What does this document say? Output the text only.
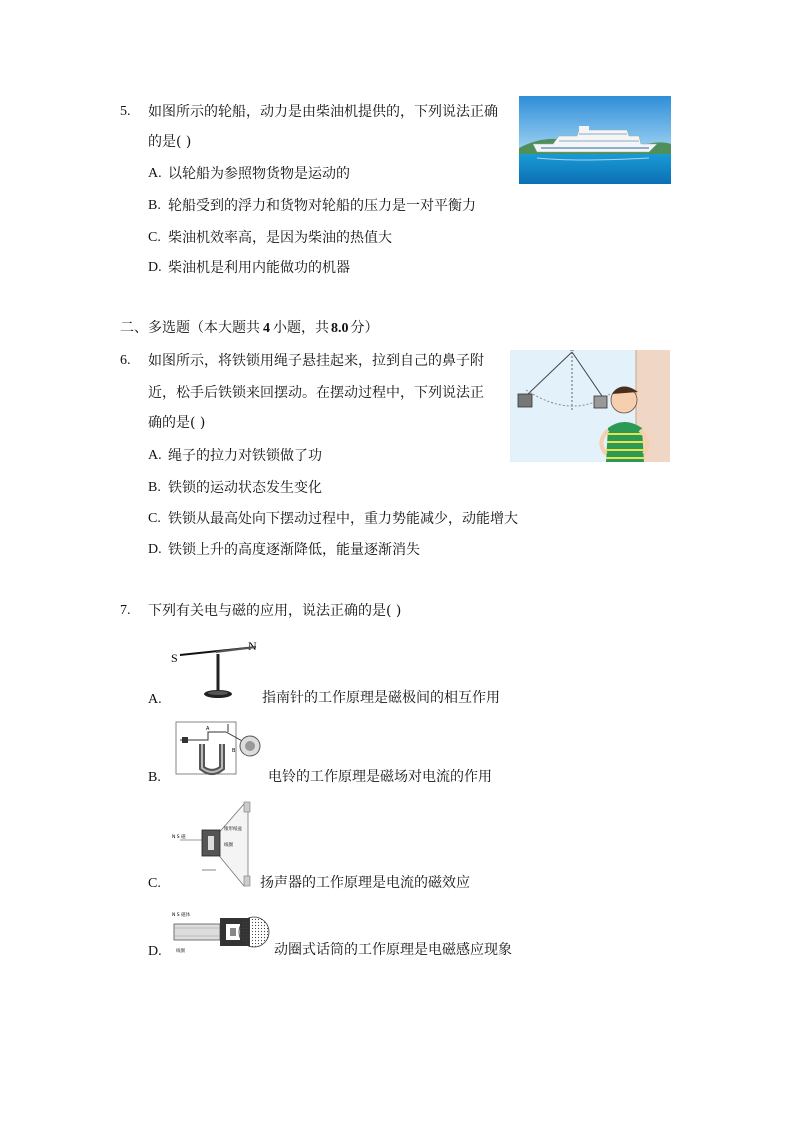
5. 如图所示的轮船，动力是由柴油机提供的，下列说法正确
的是( )
A. 以轮船为参照物货物是运动的
B. 轮船受到的浮力和货物对轮船的压力是一对平衡力
C. 柴油机效率高，是因为柴油的热值大
D. 柴油机是利用内能做功的机器
二、多选题（本大题共 4 小题，共 8.0 分）
6. 如图所示，将铁锁用绳子悬挂起来，拉到自己的鼻子附
近，松手后铁锁来回摆动。在摆动过程中，下列说法正
确的是( )
A. 绳子的拉力对铁锁做了功
B. 铁锁的运动状态发生变化
C. 铁锁从最高处向下摆动过程中，重力势能减少，动能增大
D. 铁锁上升的高度逐渐降低，能量逐渐消失
7. 下列有关电与磁的应用，说法正确的是( )
S
N
A.	指南针的工作原理是磁极间的相互作用
A
B
B.	电铃的工作原理是磁场对电流的作用
N S 磁
锥形纸盆
线圈
C.	扬声器的工作原理是电流的磁效应
N S 磁体
线圈
D.	动圈式话筒的工作原理是电磁感应现象
